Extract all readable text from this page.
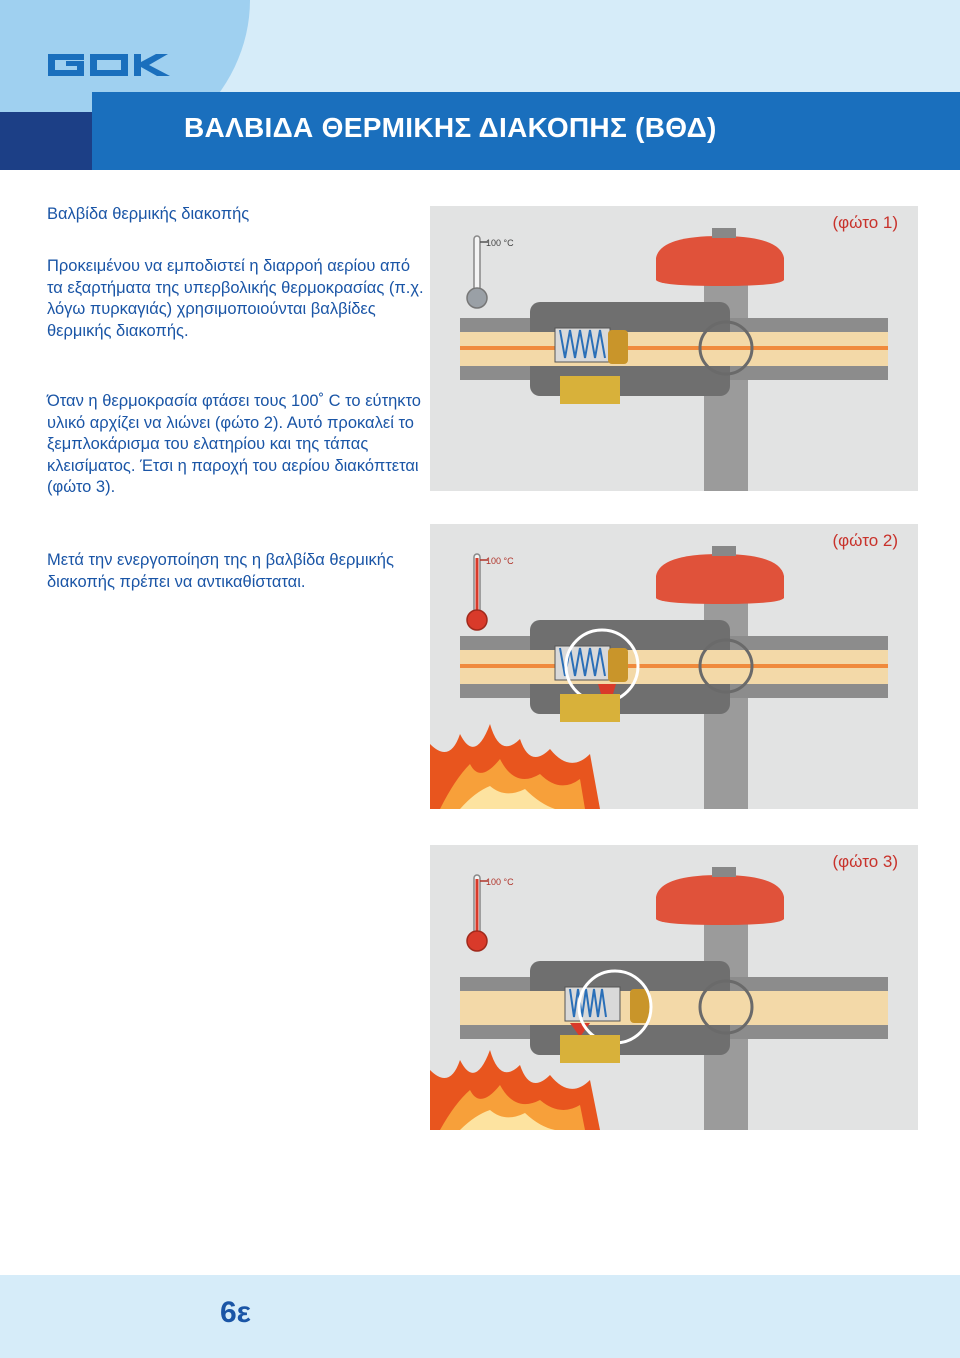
ΒΑΛΒΙΔΑ ΘΕΡΜΙΚΗΣ ΔΙΑΚΟΠΗΣ (ΒΘΔ)

Βαλβίδα θερμικής διακοπής

Προκειμένου να εμποδιστεί η διαρροή αερίου από τα εξαρτήματα της υπερβολικής θερμοκρασίας (π.χ. λόγω πυρκαγιάς) χρησιμοποιούνται βαλβίδες θερμικής διακοπής.

Όταν η θερμοκρασία φτάσει τους 100˚ C το εύτηκτο υλικό αρχίζει να λιώνει (φώτο 2). Αυτό προκαλεί το ξεμπλοκάρισμα του ελατηρίου και της τάπας κλεισίματος. Έτσι η παροχή του αερίου διακόπτεται (φώτο 3).

Μετά την ενεργοποίηση της η βαλβίδα θερμικής διακοπής πρέπει να αντικαθίσταται.

100 °C
(φώτο 1)
100 °C
(φώτο 2)
100 °C
(φώτο 3)
6ε
